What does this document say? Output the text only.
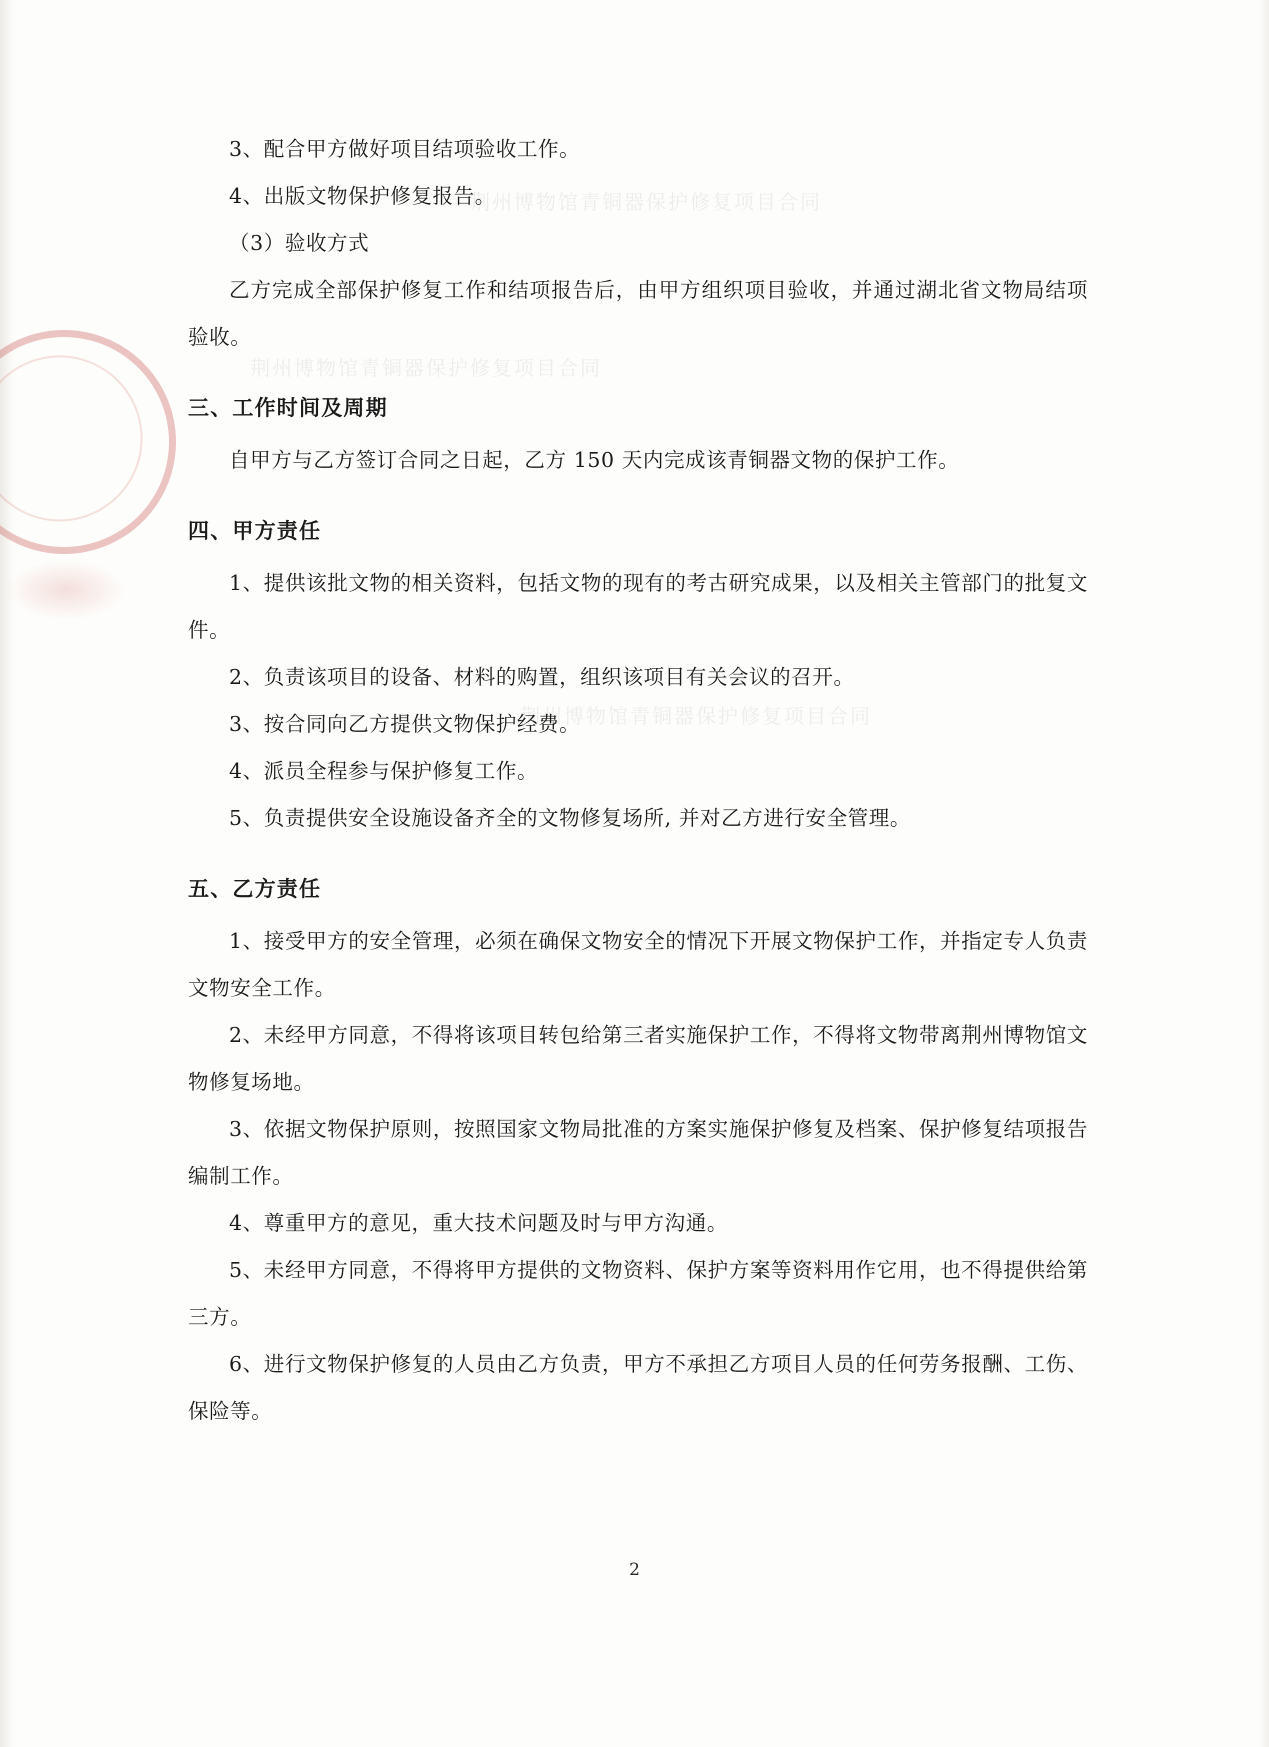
荆州博物馆青铜器保护修复项目合同
荆州博物馆青铜器保护修复项目合同
荆州博物馆青铜器保护修复项目合同

3、配合甲方做好项目结项验收工作。

4、出版文物保护修复报告。

（3）验收方式

乙方完成全部保护修复工作和结项报告后，由甲方组织项目验收，并通过湖北省文物局结项验收。

三、工作时间及周期

自甲方与乙方签订合同之日起，乙方 150 天内完成该青铜器文物的保护工作。

四、甲方责任

1、提供该批文物的相关资料，包括文物的现有的考古研究成果，以及相关主管部门的批复文件。

2、负责该项目的设备、材料的购置，组织该项目有关会议的召开。

3、按合同向乙方提供文物保护经费。

4、派员全程参与保护修复工作。

5、负责提供安全设施设备齐全的文物修复场所, 并对乙方进行安全管理。

五、乙方责任

1、接受甲方的安全管理，必须在确保文物安全的情况下开展文物保护工作，并指定专人负责文物安全工作。

2、未经甲方同意，不得将该项目转包给第三者实施保护工作，不得将文物带离荆州博物馆文物修复场地。

3、依据文物保护原则，按照国家文物局批准的方案实施保护修复及档案、保护修复结项报告编制工作。

4、尊重甲方的意见，重大技术问题及时与甲方沟通。

5、未经甲方同意，不得将甲方提供的文物资料、保护方案等资料用作它用，也不得提供给第三方。

6、进行文物保护修复的人员由乙方负责，甲方不承担乙方项目人员的任何劳务报酬、工伤、保险等。

2
